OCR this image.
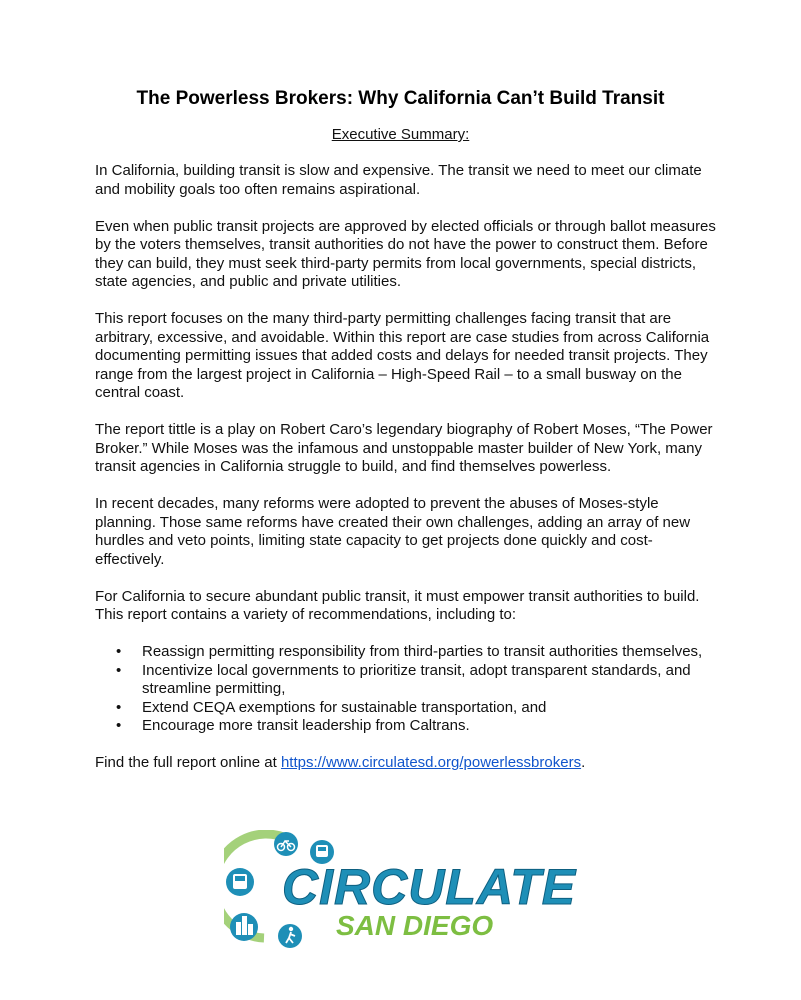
The Powerless Brokers: Why California Can’t Build Transit
Executive Summary:

In California, building transit is slow and expensive. The transit we need to meet our climate and mobility goals too often remains aspirational.

Even when public transit projects are approved by elected officials or through ballot measures by the voters themselves, transit authorities do not have the power to construct them. Before they can build, they must seek third-party permits from local governments, special districts, state agencies, and public and private utilities.

This report focuses on the many third-party permitting challenges facing transit that are arbitrary, excessive, and avoidable. Within this report are case studies from across California documenting permitting issues that added costs and delays for needed transit projects. They range from the largest project in California – High-Speed Rail – to a small busway on the central coast.

The report tittle is a play on Robert Caro’s legendary biography of Robert Moses, “The Power Broker.” While Moses was the infamous and unstoppable master builder of New York, many transit agencies in California struggle to build, and find themselves powerless.

In recent decades, many reforms were adopted to prevent the abuses of Moses-style planning. Those same reforms have created their own challenges, adding an array of new hurdles and veto points, limiting state capacity to get projects done quickly and cost-effectively.

For California to secure abundant public transit, it must empower transit authorities to build. This report contains a variety of recommendations, including to:

• Reassign permitting responsibility from third-parties to transit authorities themselves,
• Incentivize local governments to prioritize transit, adopt transparent standards, and streamline permitting,
• Extend CEQA exemptions for sustainable transportation, and
• Encourage more transit leadership from Caltrans.

Find the full report online at https://www.circulatesd.org/powerlessbrokers.

CIRCULATE
SAN DIEGO
